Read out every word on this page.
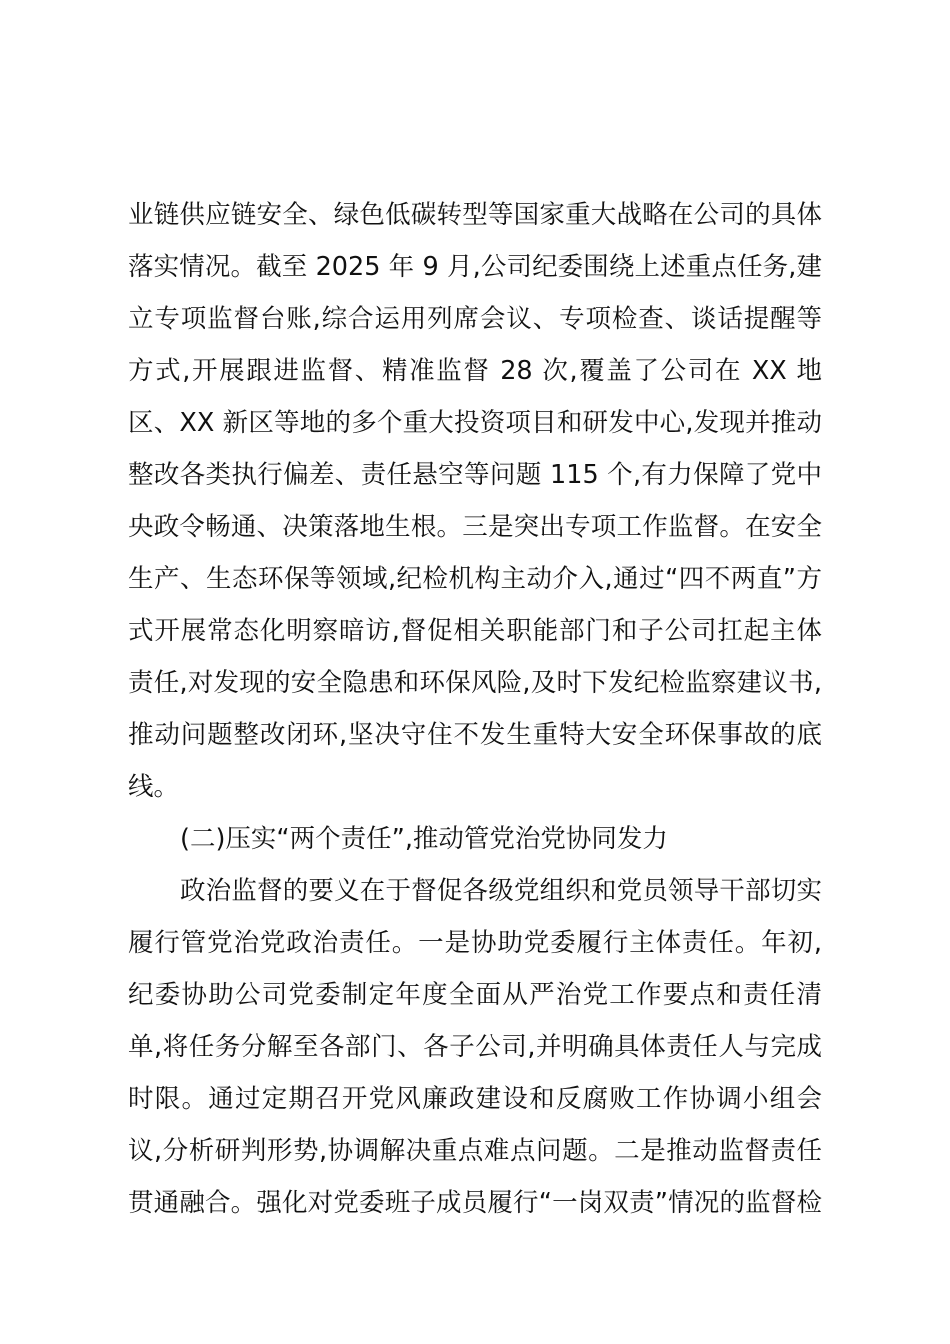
业链供应链安全、绿色低碳转型等国家重大战略在公司的具体
落实情况。截至 2025 年 9 月,公司纪委围绕上述重点任务,建
立专项监督台账,综合运用列席会议、专项检查、谈话提醒等
方式,开展跟进监督、精准监督 28 次,覆盖了公司在 XX 地
区、XX 新区等地的多个重大投资项目和研发中心,发现并推动
整改各类执行偏差、责任悬空等问题 115 个,有力保障了党中
央政令畅通、决策落地生根。三是突出专项工作监督。在安全
生产、生态环保等领域,纪检机构主动介入,通过“四不两直”方
式开展常态化明察暗访,督促相关职能部门和子公司扛起主体
责任,对发现的安全隐患和环保风险,及时下发纪检监察建议书,
推动问题整改闭环,坚决守住不发生重特大安全环保事故的底
线。
(二)压实“两个责任”,推动管党治党协同发力
政治监督的要义在于督促各级党组织和党员领导干部切实
履行管党治党政治责任。一是协助党委履行主体责任。年初,
纪委协助公司党委制定年度全面从严治党工作要点和责任清
单,将任务分解至各部门、各子公司,并明确具体责任人与完成
时限。通过定期召开党风廉政建设和反腐败工作协调小组会
议,分析研判形势,协调解决重点难点问题。二是推动监督责任
贯通融合。强化对党委班子成员履行“一岗双责”情况的监督检
